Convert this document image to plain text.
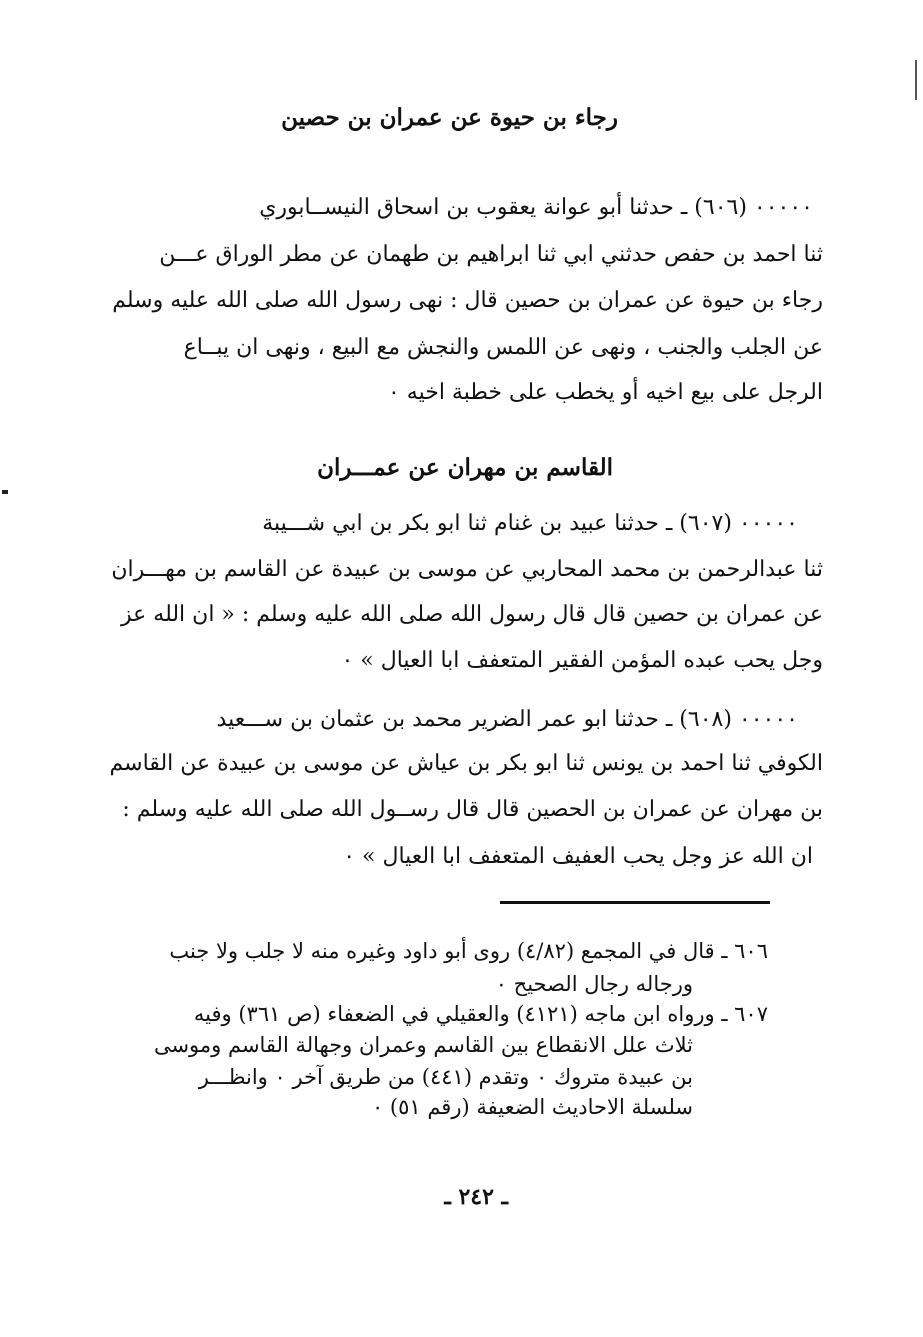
رجاء بن حيوة عن عمران بن حصين
٠٠٠٠٠ (٦٠٦) ـ حدثنا أبو عوانة يعقوب بن اسحاق النيســابوري
ثنا احمد بن حفص حدثني ابي ثنا ابراهيم بن طهمان عن مطر الوراق عـــن
رجاء بن حيوة عن عمران بن حصين قال : نهى رسول الله صلى الله عليه وسلم
عن الجلب والجنب ، ونهى عن اللمس والنجش مع البيع ، ونهى ان يبــاع
الرجل على بيع اخيه أو يخطب على خطبة اخيه ٠
القاسم بن مهران عن عمـــران
٠٠٠٠٠ (٦٠٧) ـ حدثنا عبيد بن غنام ثنا ابو بكر بن ابي شـــيبة
ثنا عبدالرحمن بن محمد المحاربي عن موسى بن عبيدة عن القاسم بن مهـــران
عن عمران بن حصين قال قال رسول الله صلى الله عليه وسلم : « ان الله عز
وجل يحب عبده المؤمن الفقير المتعفف ابا العيال » ٠
٠٠٠٠٠ (٦٠٨) ـ حدثنا ابو عمر الضرير محمد بن عثمان بن ســـعيد
الكوفي ثنا احمد بن يونس ثنا ابو بكر بن عياش عن موسى بن عبيدة عن القاسم
بن مهران عن عمران بن الحصين قال قال رســول الله صلى الله عليه وسلم :
ان الله عز وجل يحب العفيف المتعفف ابا العيال » ٠
٦٠٦ ـ قال في المجمع (٤/٨٢) روى أبو داود وغيره منه لا جلب ولا جنب
ورجاله رجال الصحيح ٠
٦٠٧ ـ ورواه ابن ماجه (٤١٢١) والعقيلي في الضعفاء (ص ٣٦١) وفيه
ثلاث علل الانقطاع بين القاسم وعمران وجهالة القاسم وموسى
بن عبيدة متروك ٠ وتقدم (٤٤١) من طريق آخر ٠ وانظـــر
سلسلة الاحاديث الضعيفة (رقم ٥١) ٠
ـ ٢٤٢ ـ
